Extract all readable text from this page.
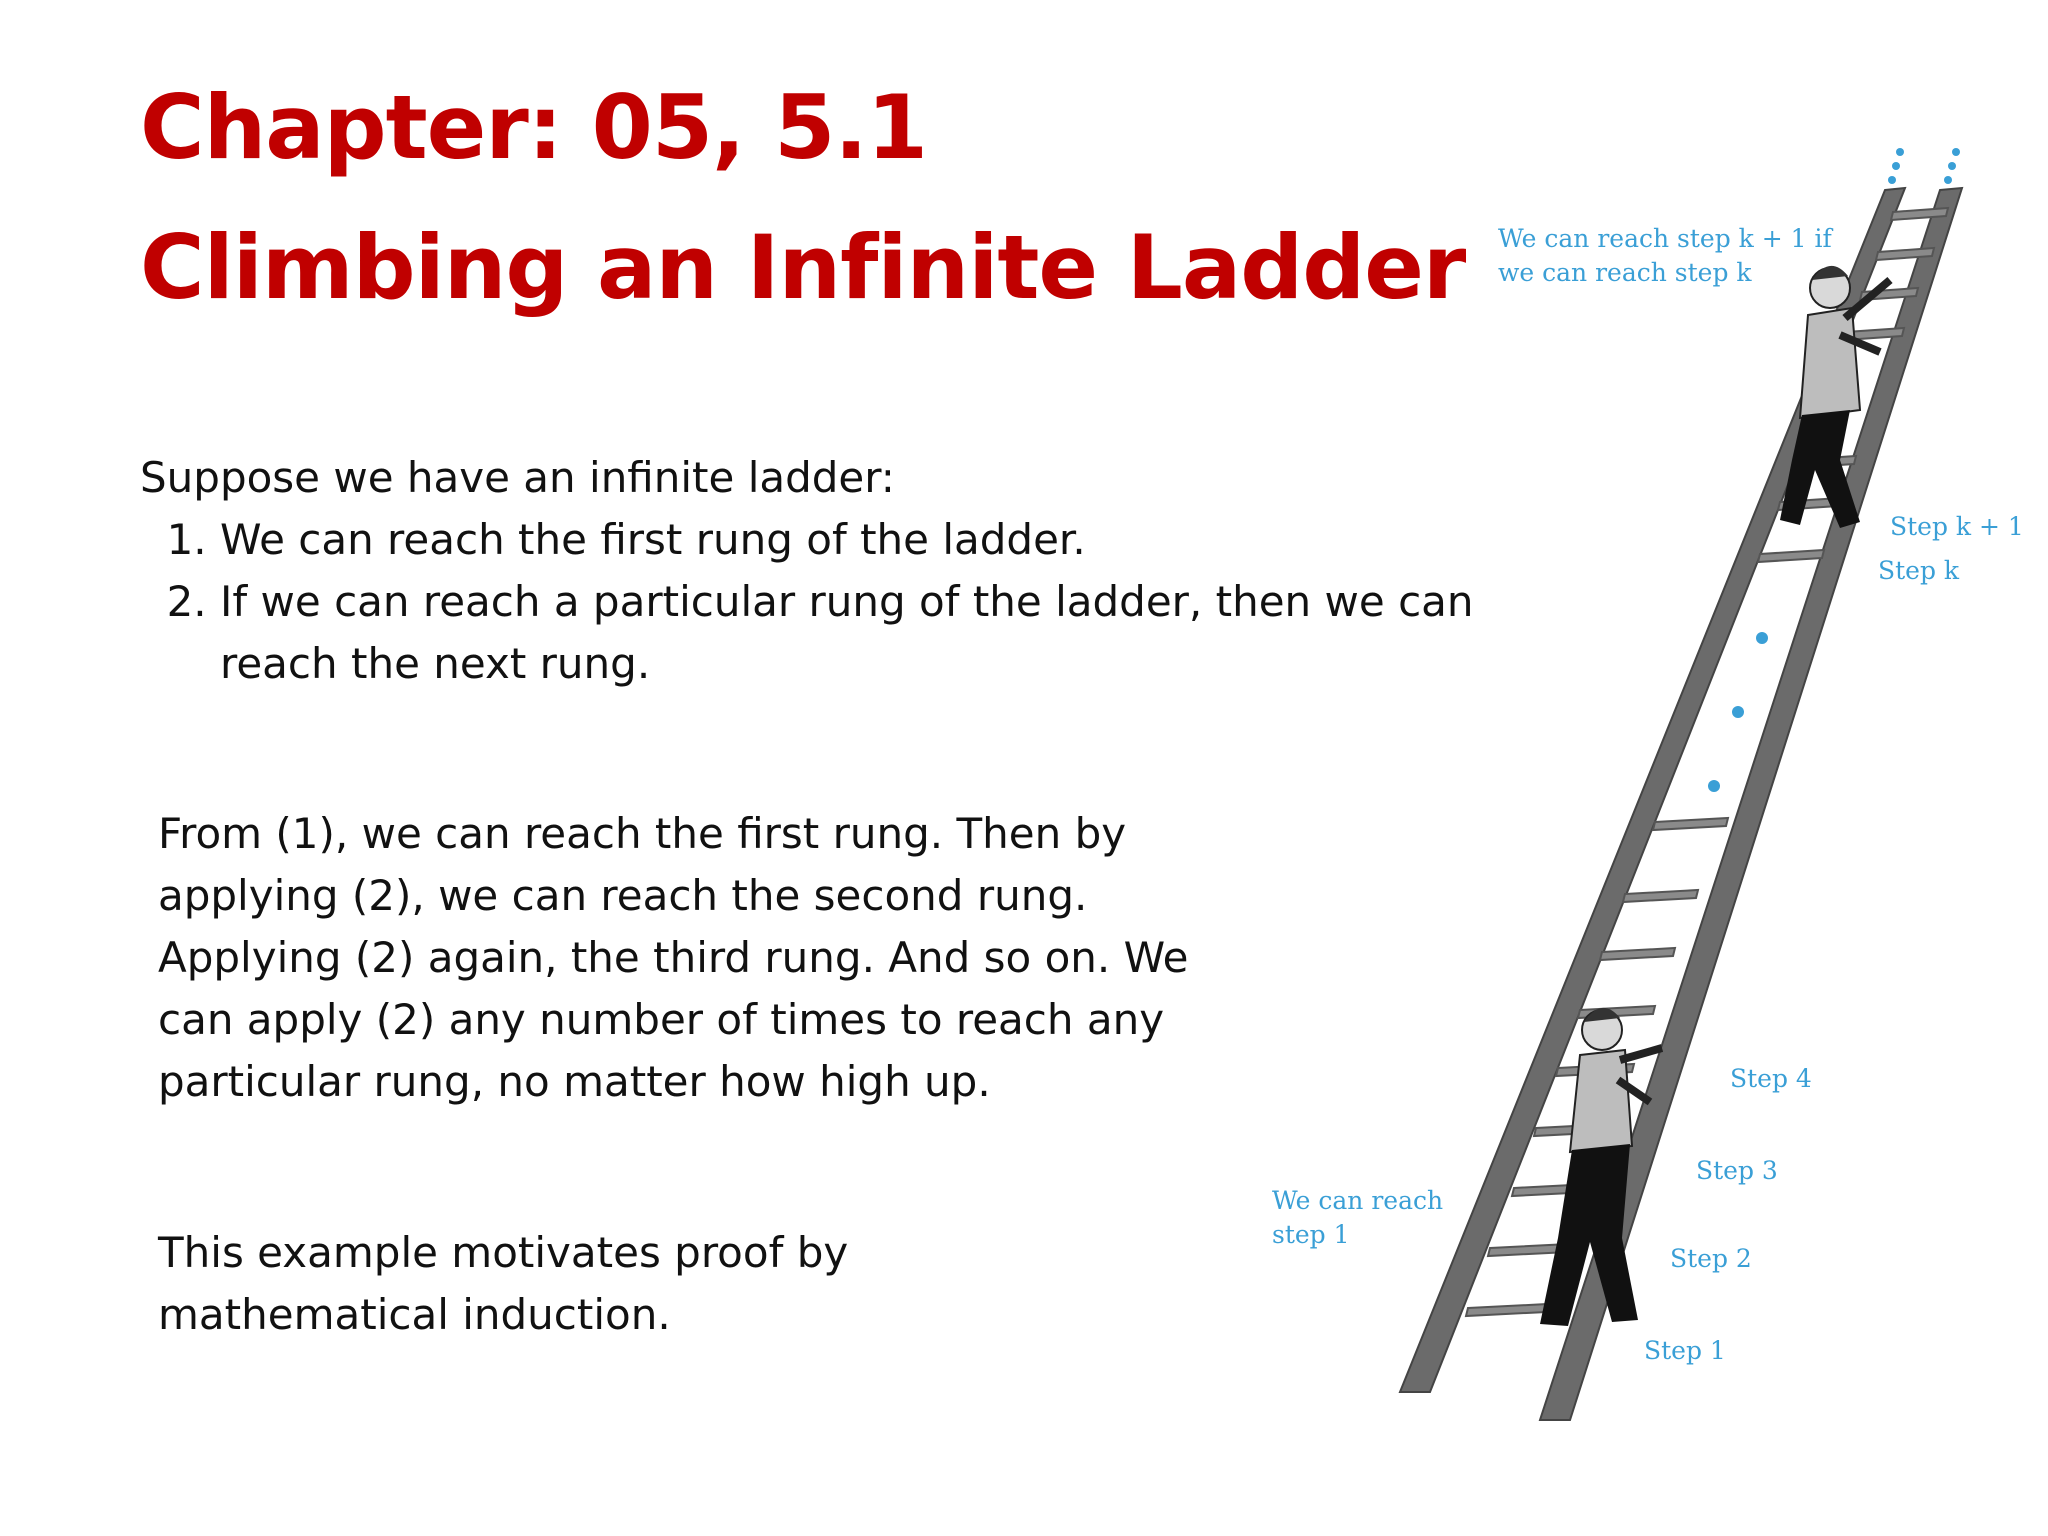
Chapter: 05, 5.1
Climbing an Infinite Ladder
Suppose we have an infinite ladder:
1. We can reach the first rung of the ladder.
2. If we can reach a particular rung of the ladder, then we can reach the next rung.
From (1), we can reach the first rung. Then by applying (2), we can reach the second rung. Applying (2) again, the third rung. And so on. We can apply (2) any number of times to reach any particular rung, no matter how high up.
This example motivates proof by mathematical induction.
We can reach step k + 1 if
we can reach step k
Step k + 1
Step k
Step 4
Step 3
Step 2
Step 1
We can reach
step 1
